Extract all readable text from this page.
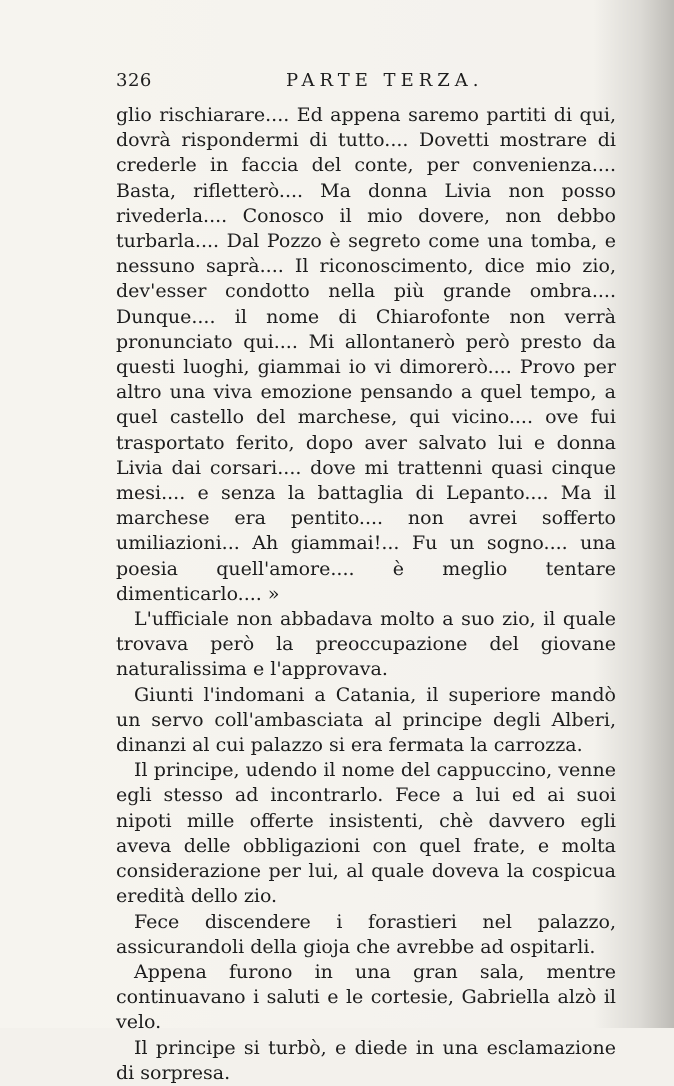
326	PARTE TERZA.

glio rischiarare.... Ed appena saremo partiti di qui, dovrà rispondermi di tutto.... Dovetti mostrare di crederle in faccia del conte, per convenienza.... Basta, rifletterò.... Ma donna Livia non posso rivederla.... Conosco il mio dovere, non debbo turbarla.... Dal Pozzo è segreto come una tomba, e nessuno saprà.... Il riconoscimento, dice mio zio, dev'esser condotto nella più grande ombra.... Dunque.... il nome di Chiarofonte non verrà pronunciato qui.... Mi allontanerò però presto da questi luoghi, giammai io vi dimorerò.... Provo per altro una viva emozione pensando a quel tempo, a quel castello del marchese, qui vicino.... ove fui trasportato ferito, dopo aver salvato lui e donna Livia dai corsari.... dove mi trattenni quasi cinque mesi.... e senza la battaglia di Lepanto.... Ma il marchese era pentito.... non avrei sofferto umiliazioni... Ah giammai!... Fu un sogno.... una poesia quell'amore.... è meglio tentare dimenticarlo.... »

L'ufficiale non abbadava molto a suo zio, il quale trovava però la preoccupazione del giovane naturalissima e l'approvava.

Giunti l'indomani a Catania, il superiore mandò un servo coll'ambasciata al principe degli Alberi, dinanzi al cui palazzo si era fermata la carrozza.

Il principe, udendo il nome del cappuccino, venne egli stesso ad incontrarlo. Fece a lui ed ai suoi nipoti mille offerte insistenti, chè davvero egli aveva delle obbligazioni con quel frate, e molta considerazione per lui, al quale doveva la cospicua eredità dello zio.

Fece discendere i forastieri nel palazzo, assicurandoli della gioja che avrebbe ad ospitarli.

Appena furono in una gran sala, mentre continuavano i saluti e le cortesie, Gabriella alzò il velo.

Il principe si turbò, e diede in una esclamazione di sorpresa.
